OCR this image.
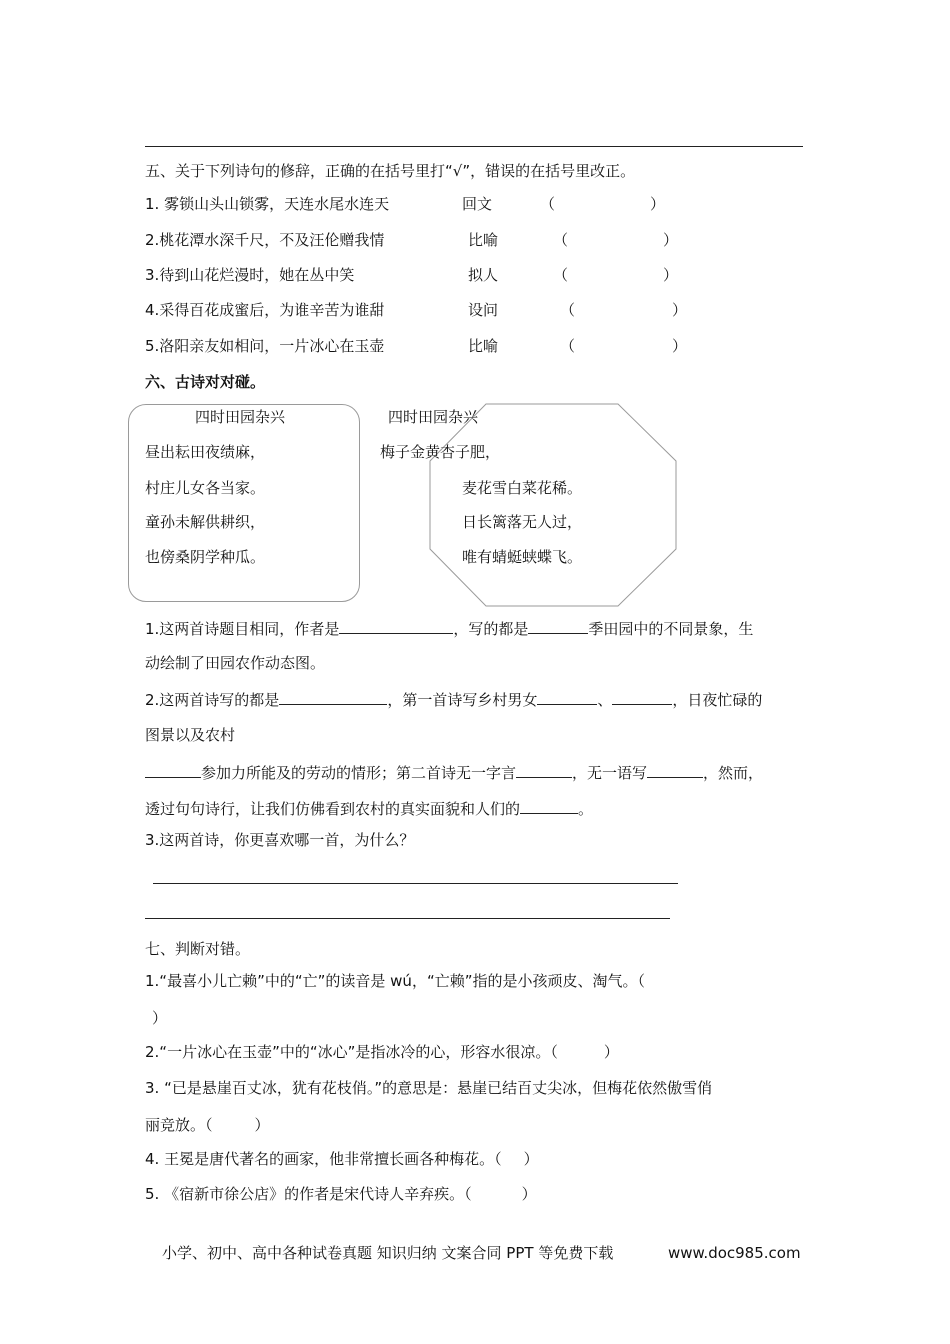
五、关于下列诗句的修辞，正确的在括号里打“√”，错误的在括号里改正。
1. 雾锁山头山锁雾，天连水尾水连天	回文	（	）
2.桃花潭水深千尺，不及汪伦赠我情	比喻	（	）
3.待到山花烂漫时，她在丛中笑	拟人	（	）
4.采得百花成蜜后，为谁辛苦为谁甜	设问	（	）
5.洛阳亲友如相问，一片冰心在玉壶	比喻	（	）
六、古诗对对碰。
四时田园杂兴
昼出耘田夜绩麻，
村庄儿女各当家。
童孙未解供耕织，
也傍桑阴学种瓜。
四时田园杂兴
梅子金黄杏子肥，
麦花雪白菜花稀。
日长篱落无人过，
唯有蜻蜓蛱蝶飞。
1.这两首诗题目相同，作者是	，写的都是	季田园中的不同景象，生
动绘制了田园农作动态图。
2.这两首诗写的都是	，第一首诗写乡村男女	、	，日夜忙碌的
图景以及农村
参加力所能及的劳动的情形；第二首诗无一字言	，无一语写	，然而，
透过句句诗行，让我们仿佛看到农村的真实面貌和人们的	。
3.这两首诗，你更喜欢哪一首，为什么？
七、判断对错。
1.“最喜小儿亡赖”中的“亡”的读音是 wú，“亡赖”指的是小孩顽皮、淘气。（
）
2.“一片冰心在玉壶”中的“冰心”是指冰冷的心，形容水很凉。（	）
3. “已是悬崖百丈冰，犹有花枝俏。”的意思是：悬崖已结百丈尖冰，但梅花依然傲雪俏
丽竞放。（	）
4. 王冕是唐代著名的画家，他非常擅长画各种梅花。（ ）
5. 《宿新市徐公店》的作者是宋代诗人辛弃疾。（	）
小学、初中、高中各种试卷真题 知识归纳 文案合同 PPT 等免费下载	www.doc985.com
